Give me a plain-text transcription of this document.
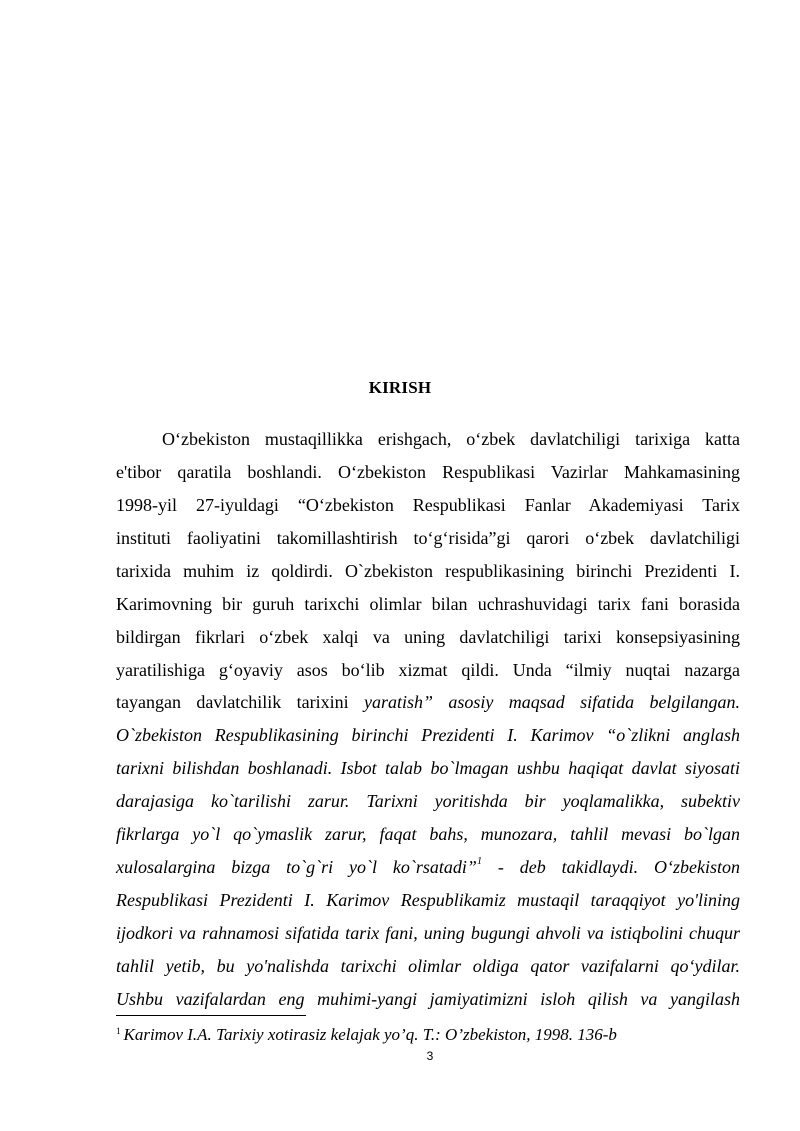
KIRISH
O‘zbekiston mustaqillikka erishgach, o‘zbek davlatchiligi tarixiga katta
e'tibor qaratila boshlandi. O‘zbekiston Respublikasi Vazirlar Mahkamasining
1998-yil 27-iyuldagi “O‘zbekiston Respublikasi Fanlar Akademiyasi Tarix
instituti faoliyatini takomillashtirish to‘g‘risida”gi qarori o‘zbek davlatchiligi
tarixida muhim iz qoldirdi. O`zbekiston respublikasining birinchi Prezidenti I.
Karimovning bir guruh tarixchi olimlar bilan uchrashuvidagi tarix fani borasida
bildirgan fikrlari o‘zbek xalqi va uning davlatchiligi tarixi konsepsiyasining
yaratilishiga g‘oyaviy asos bo‘lib xizmat qildi. Unda “ilmiy nuqtai nazarga
tayangan davlatchilik tarixini yaratish” asosiy maqsad sifatida belgilangan.
O`zbekiston Respublikasining birinchi Prezidenti I. Karimov “o`zlikni anglash
tarixni bilishdan boshlanadi. Isbot talab bo`lmagan ushbu haqiqat davlat siyosati
darajasiga ko`tarilishi zarur. Tarixni yoritishda bir yoqlamalikka, subektiv
fikrlarga yo`l qo`ymaslik zarur, faqat bahs, munozara, tahlil mevasi bo`lgan
xulosalargina bizga to`g`ri yo`l ko`rsatadi”$^1$ - deb takidlaydi. O‘zbekiston
Respublikasi Prezidenti I. Karimov Respublikamiz mustaqil taraqqiyot yo'lining
ijodkori va rahnamosi sifatida tarix fani, uning bugungi ahvoli va istiqbolini chuqur
tahlil yetib, bu yo'nalishda tarixchi olimlar oldiga qator vazifalarni qo‘ydilar.
Ushbu vazifalardan eng muhimi-yangi jamiyatimizni isloh qilish va yangilash
$^1$ Karimov I.A. Tarixiy xotirasiz kelajak yo’q. T.: O’zbekiston, 1998. 136-b
3
